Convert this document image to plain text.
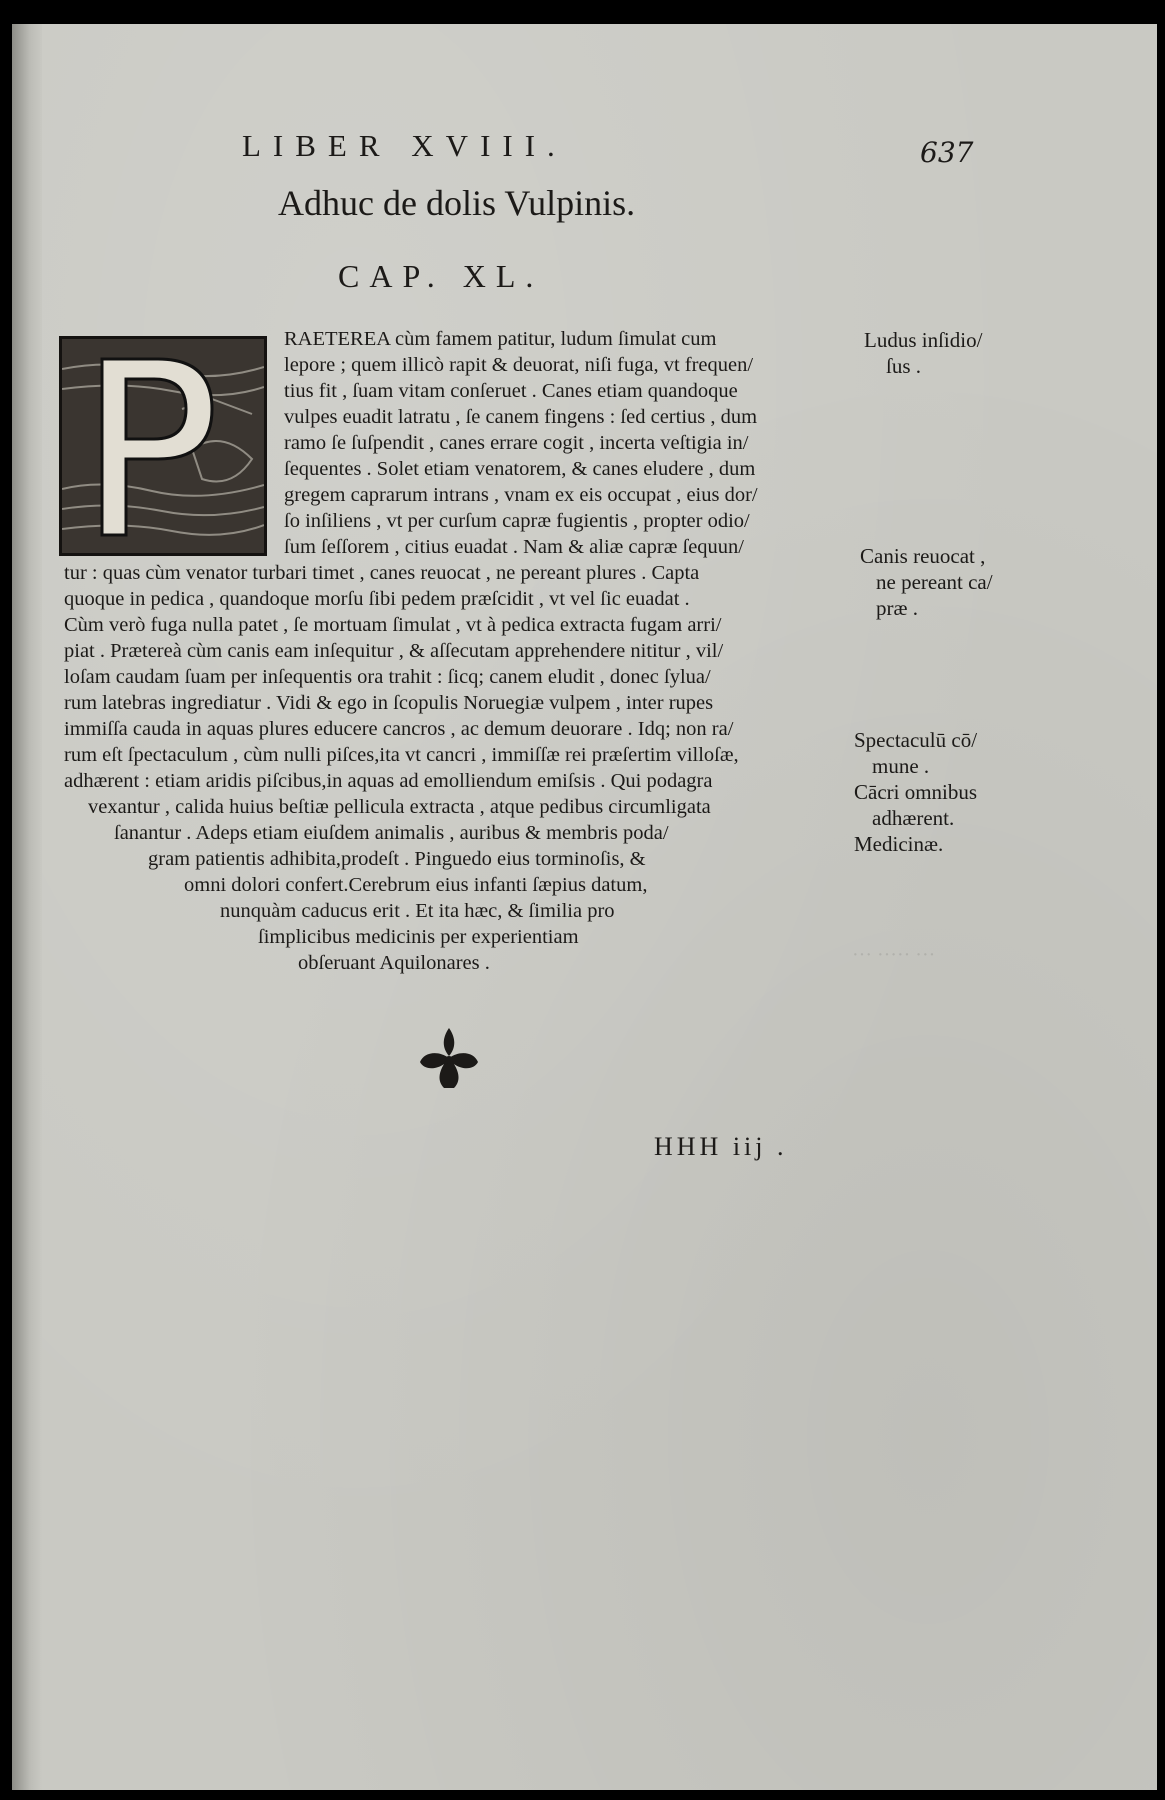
··· ····· ···
LIBER XVIII.	637
Adhuc de dolis Vulpinis.
CAP. XL.
RAETEREA cùm famem patitur, ludum ſimulat cum
lepore ; quem illicò rapit & deuorat, niſi fuga, vt frequen/
tius fit , ſuam vitam conſeruet . Canes etiam quandoque
vulpes euadit latratu , ſe canem fingens : ſed certius , dum
ramo ſe ſuſpendit , canes errare cogit , incerta veſtigia in/
ſequentes . Solet etiam venatorem, & canes eludere , dum
gregem caprarum intrans , vnam ex eis occupat , eius dor/
ſo inſiliens , vt per curſum capræ fugientis , propter odio/
ſum ſeſſorem , citius euadat . Nam & aliæ capræ ſequun/
tur : quas cùm venator turbari timet , canes reuocat , ne pereant plures . Capta
quoque in pedica , quandoque morſu ſibi pedem præſcidit , vt vel ſic euadat .
Cùm verò fuga nulla patet , ſe mortuam ſimulat , vt à pedica extracta fugam arri/
piat . Prætereà cùm canis eam inſequitur , & aſſecutam apprehendere nititur , vil/
loſam caudam ſuam per inſequentis ora trahit : ſicq; canem eludit , donec ſylua/
rum latebras ingrediatur . Vidi & ego in ſcopulis Noruegiæ vulpem , inter rupes
immiſſa cauda in aquas plures educere cancros , ac demum deuorare . Idq; non ra/
rum eſt ſpectaculum , cùm nulli piſces,ita vt cancri , immiſſæ rei præſertim villoſæ,
adhærent : etiam aridis piſcibus,in aquas ad emolliendum emiſsis . Qui podagra
vexantur , calida huius beſtiæ pellicula extracta , atque pedibus circumligata
ſanantur . Adeps etiam eiuſdem animalis , auribus & membris poda/
gram patientis adhibita,prodeſt . Pinguedo eius torminoſis, &
omni dolori confert.Cerebrum eius infanti ſæpius datum,
nunquàm caducus erit . Et ita hæc, & ſimilia pro
ſimplicibus medicinis per experientiam
obſeruant Aquilonares .
Ludus inſidio/
ſus .
Canis reuocat ,
ne pereant ca/
præ .
Spectaculū cō/
mune .
Cācri omnibus
adhærent.
Medicinæ.
HHH iij .
